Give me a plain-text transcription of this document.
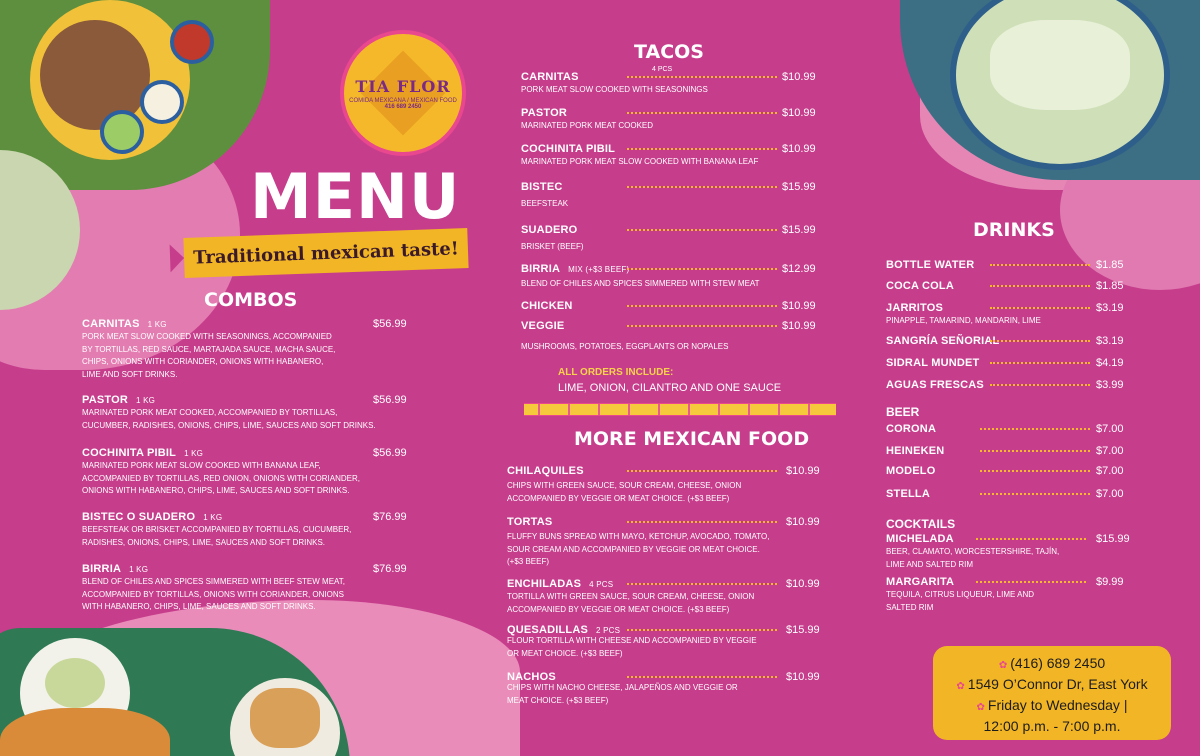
TIA FLOR
COMIDA MEXICANA / MEXICAN FOOD
416 689 2450
MENU
Traditional mexican taste!
COMBOS
TACOS
4 PCS
MORE MEXICAN FOOD
DRINKS
CARNITAS 1 KG	$56.99
PORK MEAT SLOW COOKED WITH SEASONINGS, ACCOMPANIED
BY TORTILLAS, RED SAUCE, MARTAJADA SAUCE, MACHA SAUCE,
CHIPS, ONIONS WITH CORIANDER, ONIONS WITH HABANERO,
LIME AND SOFT DRINKS.
PASTOR 1 KG	$56.99
MARINATED PORK MEAT COOKED, ACCOMPANIED BY TORTILLAS,
CUCUMBER, RADISHES, ONIONS, CHIPS, LIME, SAUCES AND SOFT DRINKS.
COCHINITA PIBIL 1 KG	$56.99
MARINATED PORK MEAT SLOW COOKED WITH BANANA LEAF,
ACCOMPANIED BY TORTILLAS, RED ONION, ONIONS WITH CORIANDER,
ONIONS WITH HABANERO, CHIPS, LIME, SAUCES AND SOFT DRINKS.
BISTEC O SUADERO 1 KG	$76.99
BEEFSTEAK OR BRISKET ACCOMPANIED BY TORTILLAS, CUCUMBER,
RADISHES, ONIONS, CHIPS, LIME, SAUCES AND SOFT DRINKS.
BIRRIA 1 KG	$76.99
BLEND OF CHILES AND SPICES SIMMERED WITH BEEF STEW MEAT,
ACCOMPANIED BY TORTILLAS, ONIONS WITH CORIANDER, ONIONS
WITH HABANERO, CHIPS, LIME, SAUCES AND SOFT DRINKS.
CARNITAS	$10.99
PORK MEAT SLOW COOKED WITH SEASONINGS
PASTOR	$10.99
MARINATED PORK MEAT COOKED
COCHINITA PIBIL	$10.99
MARINATED PORK MEAT SLOW COOKED WITH BANANA LEAF
BISTEC	$15.99
BEEFSTEAK
SUADERO	$15.99
BRISKET (BEEF)
BIRRIA MIX (+$3 BEEF)	$12.99
BLEND OF CHILES AND SPICES SIMMERED WITH STEW MEAT
CHICKEN	$10.99
VEGGIE	$10.99
MUSHROOMS, POTATOES, EGGPLANTS OR NOPALES
ALL ORDERS INCLUDE:
LIME, ONION, CILANTRO AND ONE SAUCE
CHILAQUILES	$10.99
CHIPS WITH GREEN SAUCE, SOUR CREAM, CHEESE, ONION
ACCOMPANIED BY VEGGIE OR MEAT CHOICE. (+$3 BEEF)
TORTAS	$10.99
FLUFFY BUNS SPREAD WITH MAYO, KETCHUP, AVOCADO, TOMATO,
SOUR CREAM AND ACCOMPANIED BY VEGGIE OR MEAT CHOICE.
(+$3 BEEF)
ENCHILADAS 4 PCS	$10.99
TORTILLA WITH GREEN SAUCE, SOUR CREAM, CHEESE, ONION
ACCOMPANIED BY VEGGIE OR MEAT CHOICE. (+$3 BEEF)
QUESADILLAS 2 PCS	$15.99
FLOUR TORTILLA WITH CHEESE AND ACCOMPANIED BY VEGGIE
OR MEAT CHOICE. (+$3 BEEF)
NACHOS	$10.99
CHIPS WITH NACHO CHEESE, JALAPEÑOS AND VEGGIE OR
MEAT CHOICE. (+$3 BEEF)
BOTTLE WATER	$1.85
COCA COLA	$1.85
JARRITOS	$3.19
PINAPPLE, TAMARIND, MANDARIN, LIME
SANGRÍA SEÑORIAL	$3.19
SIDRAL MUNDET	$4.19
AGUAS FRESCAS	$3.99
BEER
CORONA	$7.00
HEINEKEN	$7.00
MODELO	$7.00
STELLA	$7.00
COCKTAILS
MICHELADA	$15.99
BEER, CLAMATO, WORCESTERSHIRE, TAJÍN,
LIME AND SALTED RIM
MARGARITA	$9.99
TEQUILA, CITRUS LIQUEUR, LIME AND
SALTED RIM
✿ (416) 689 2450
✿ 1549 O’Connor Dr, East York
✿ Friday to Wednesday |
12:00 p.m. - 7:00 p.m.
